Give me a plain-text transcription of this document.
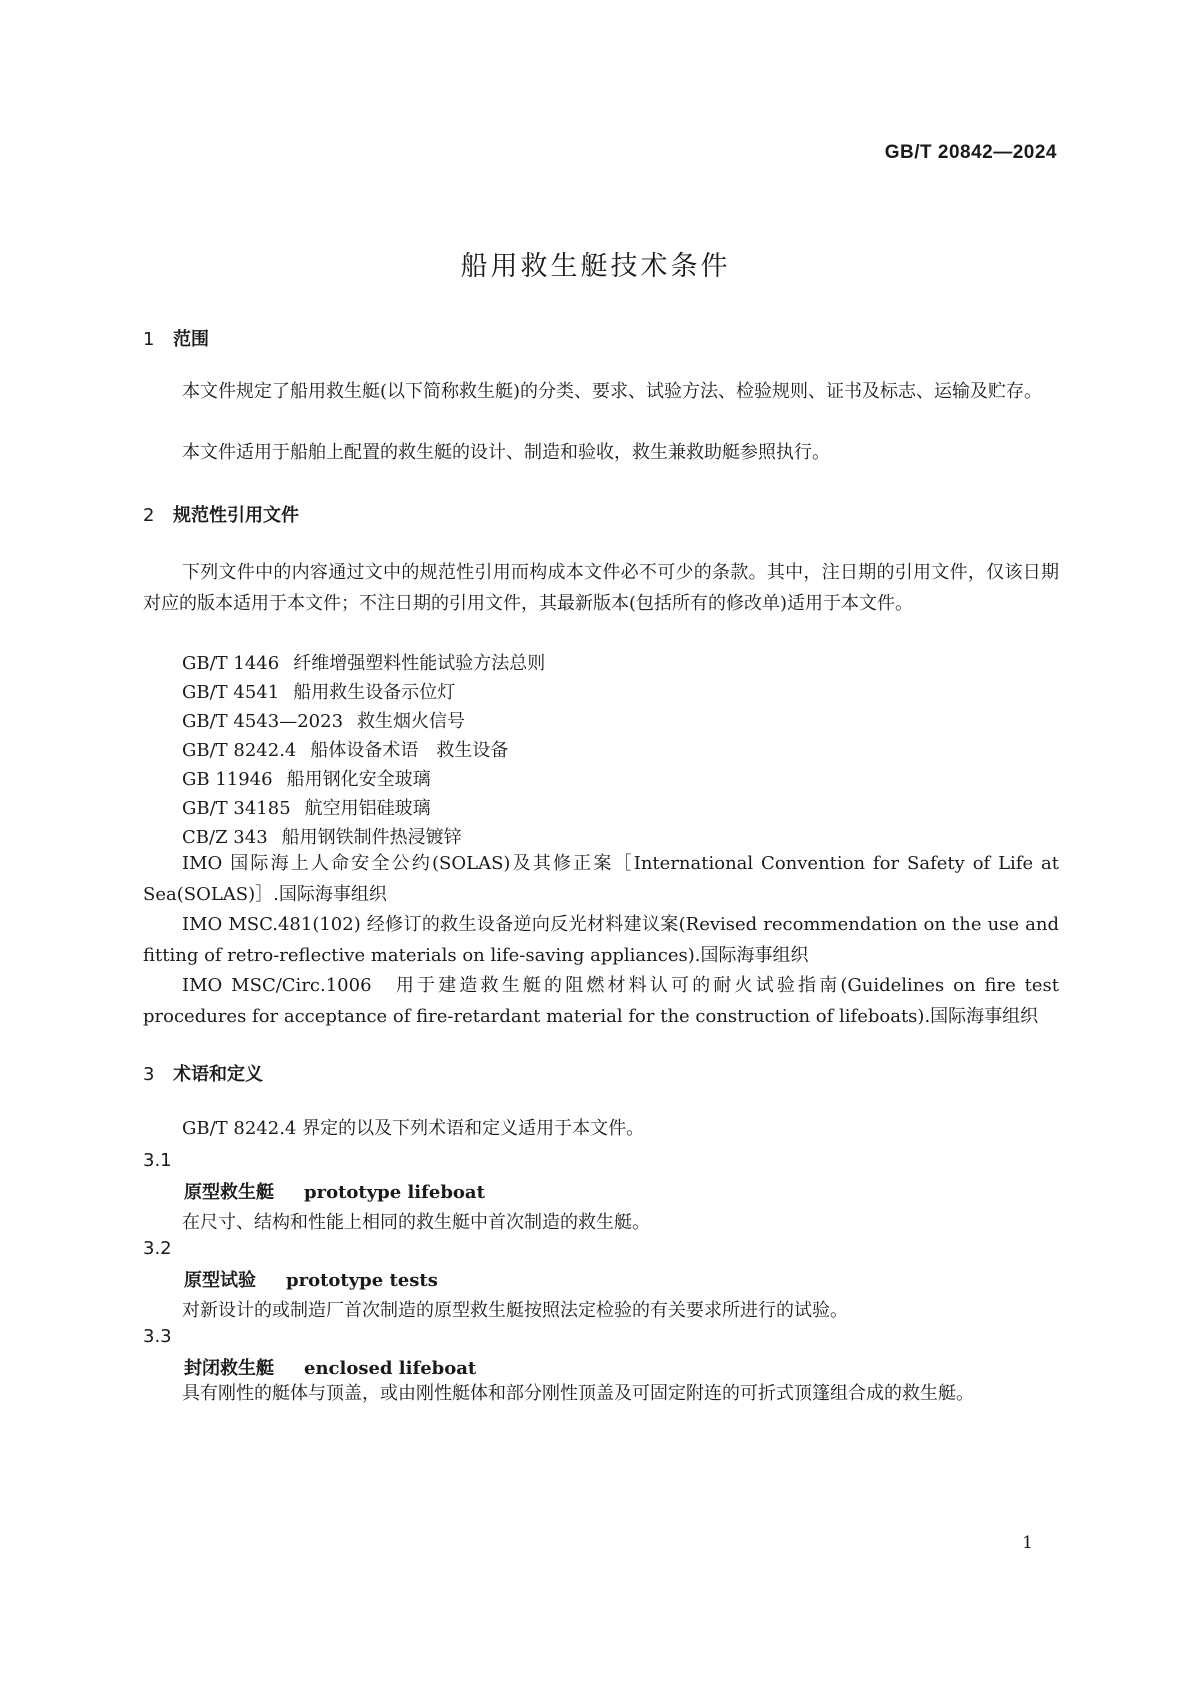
GB/T 20842—2024
船用救生艇技术条件
1 范围
本文件规定了船用救生艇(以下简称救生艇)的分类、要求、试验方法、检验规则、证书及标志、运输及贮存。
本文件适用于船舶上配置的救生艇的设计、制造和验收，救生兼救助艇参照执行。
2 规范性引用文件
下列文件中的内容通过文中的规范性引用而构成本文件必不可少的条款。其中，注日期的引用文件，仅该日期对应的版本适用于本文件；不注日期的引用文件，其最新版本(包括所有的修改单)适用于本文件。
GB/T 1446 纤维增强塑料性能试验方法总则
GB/T 4541 船用救生设备示位灯
GB/T 4543—2023 救生烟火信号
GB/T 8242.4 船体设备术语　救生设备
GB 11946 船用钢化安全玻璃
GB/T 34185 航空用铝硅玻璃
CB/Z 343 船用钢铁制件热浸镀锌
IMO 国际海上人命安全公约(SOLAS)及其修正案［International Convention for Safety of Life at Sea(SOLAS)］.国际海事组织
IMO MSC.481(102) 经修订的救生设备逆向反光材料建议案(Revised recommendation on the use and fitting of retro-reflective materials on life-saving appliances).国际海事组织
IMO MSC/Circ.1006　用于建造救生艇的阻燃材料认可的耐火试验指南(Guidelines on fire test procedures for acceptance of fire-retardant material for the construction of lifeboats).国际海事组织
3 术语和定义
GB/T 8242.4 界定的以及下列术语和定义适用于本文件。
3.1
原型救生艇 prototype lifeboat
在尺寸、结构和性能上相同的救生艇中首次制造的救生艇。
3.2
原型试验 prototype tests
对新设计的或制造厂首次制造的原型救生艇按照法定检验的有关要求所进行的试验。
3.3
封闭救生艇 enclosed lifeboat
具有刚性的艇体与顶盖，或由刚性艇体和部分刚性顶盖及可固定附连的可折式顶篷组合成的救生艇。
1
